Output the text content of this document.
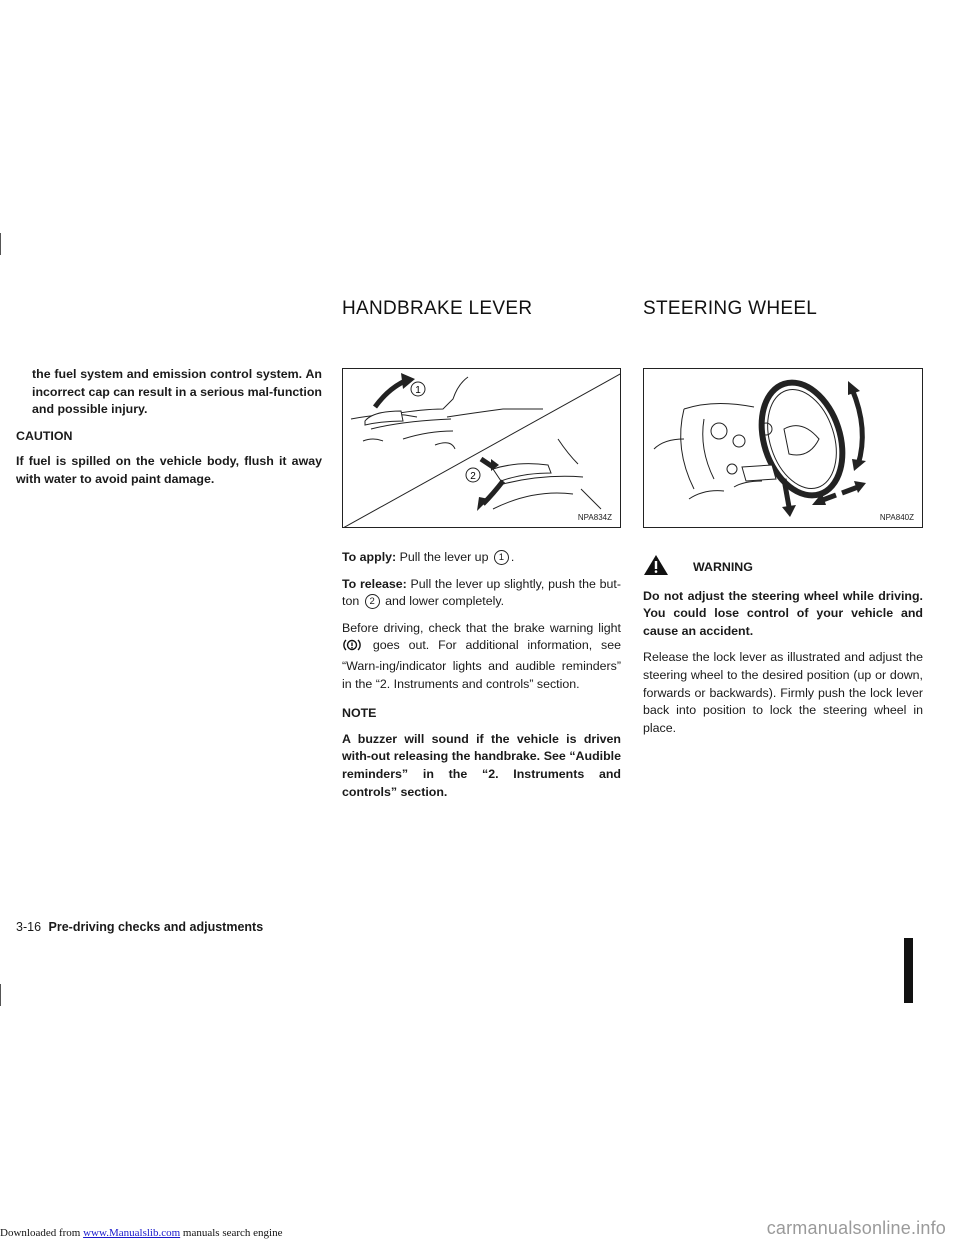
Downloaded from www.Manualslib.com manuals search engine	carmanualsonline.info

the fuel system and emission control system. An incorrect cap can result in a serious mal-function and possible injury.

CAUTION

If fuel is spilled on the vehicle body, flush it away with water to avoid paint damage.

HANDBRAKE LEVER	STEERING WHEEL
1
2
NPA834Z

To apply: Pull the lever up 1 .

To release: Pull the lever up slightly, push the but-ton 2 and lower completely.

Before driving, check that the brake warning light  goes out. For additional information, see “Warn-ing/indicator lights and audible reminders” in the “2. Instruments and controls” section.

NOTE

A buzzer will sound if the vehicle is driven with-out releasing the handbrake. See “Audible reminders” in the “2. Instruments and controls” section.

NPA840Z
WARNING

Do not adjust the steering wheel while driving. You could lose control of your vehicle and cause an accident.

Release the lock lever as illustrated and adjust the steering wheel to the desired position (up or down, forwards or backwards). Firmly push the lock lever back into position to lock the steering wheel in place.

3-16 Pre-driving checks and adjustments
